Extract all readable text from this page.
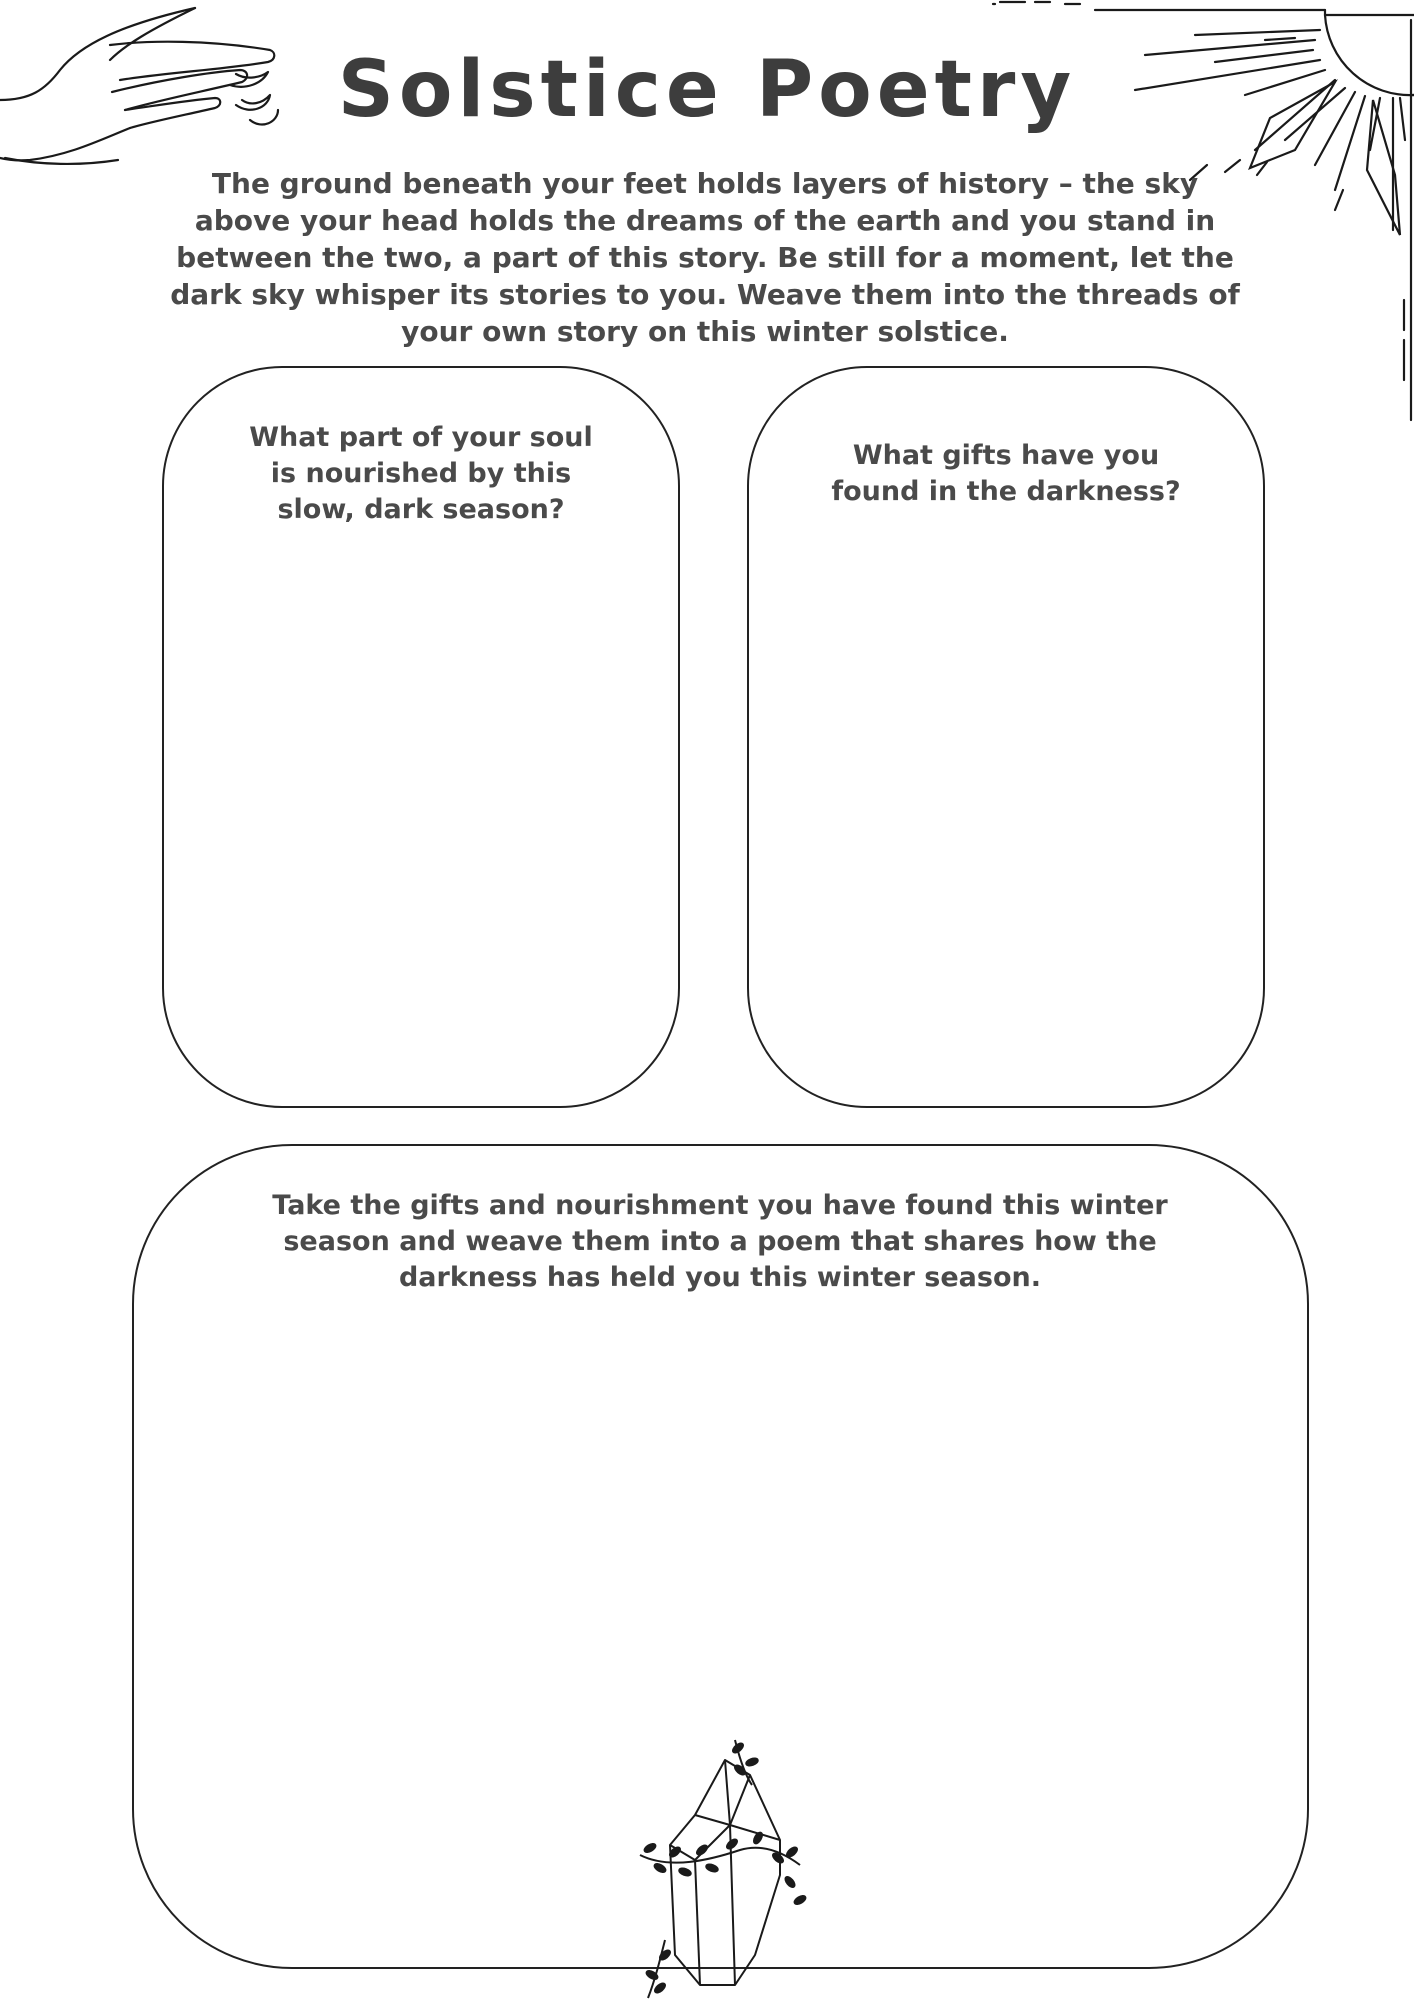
Solstice Poetry

The ground beneath your feet holds layers of history – the sky above your head holds the dreams of the earth and you stand in between the two, a part of this story. Be still for a moment, let the dark sky whisper its stories to you. Weave them into the threads of your own story on this winter solstice.

What part of your soul is nourished by this slow, dark season?

What gifts have you found in the darkness?

Take the gifts and nourishment you have found this winter season and weave them into a poem that shares how the darkness has held you this winter season.
